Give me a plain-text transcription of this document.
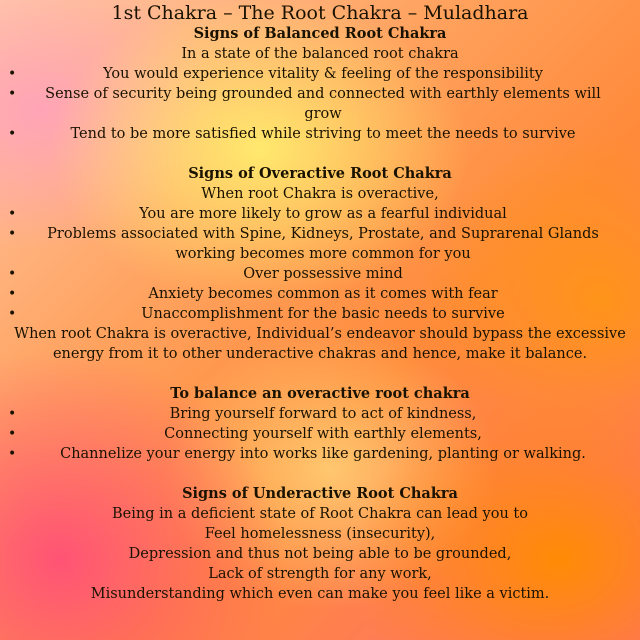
1st Chakra – The Root Chakra – Muladhara

Signs of Balanced Root Chakra

In a state of the balanced root chakra

•	You would experience vitality & feeling of the responsibility
• Sense of security being grounded and connected with earthly elements will grow
•	Tend to be more satisfied while striving to meet the needs to survive

Signs of Overactive Root Chakra

When root Chakra is overactive,

•	You are more likely to grow as a fearful individual
• Problems associated with Spine, Kidneys, Prostate, and Suprarenal Glands working becomes more common for you
•	Over possessive mind
•	Anxiety becomes common as it comes with fear
•	Unaccomplishment for the basic needs to survive

When root Chakra is overactive, Individual’s endeavor should bypass the excessive energy from it to other underactive chakras and hence, make it balance.

To balance an overactive root chakra

•	Bring yourself forward to act of kindness,
•	Connecting yourself with earthly elements,
•	Channelize your energy into works like gardening, planting or walking.

Signs of Underactive Root Chakra

Being in a deficient state of Root Chakra can lead you to

Feel homelessness (insecurity),

Depression and thus not being able to be grounded,

Lack of strength for any work,

Misunderstanding which even can make you feel like a victim.
